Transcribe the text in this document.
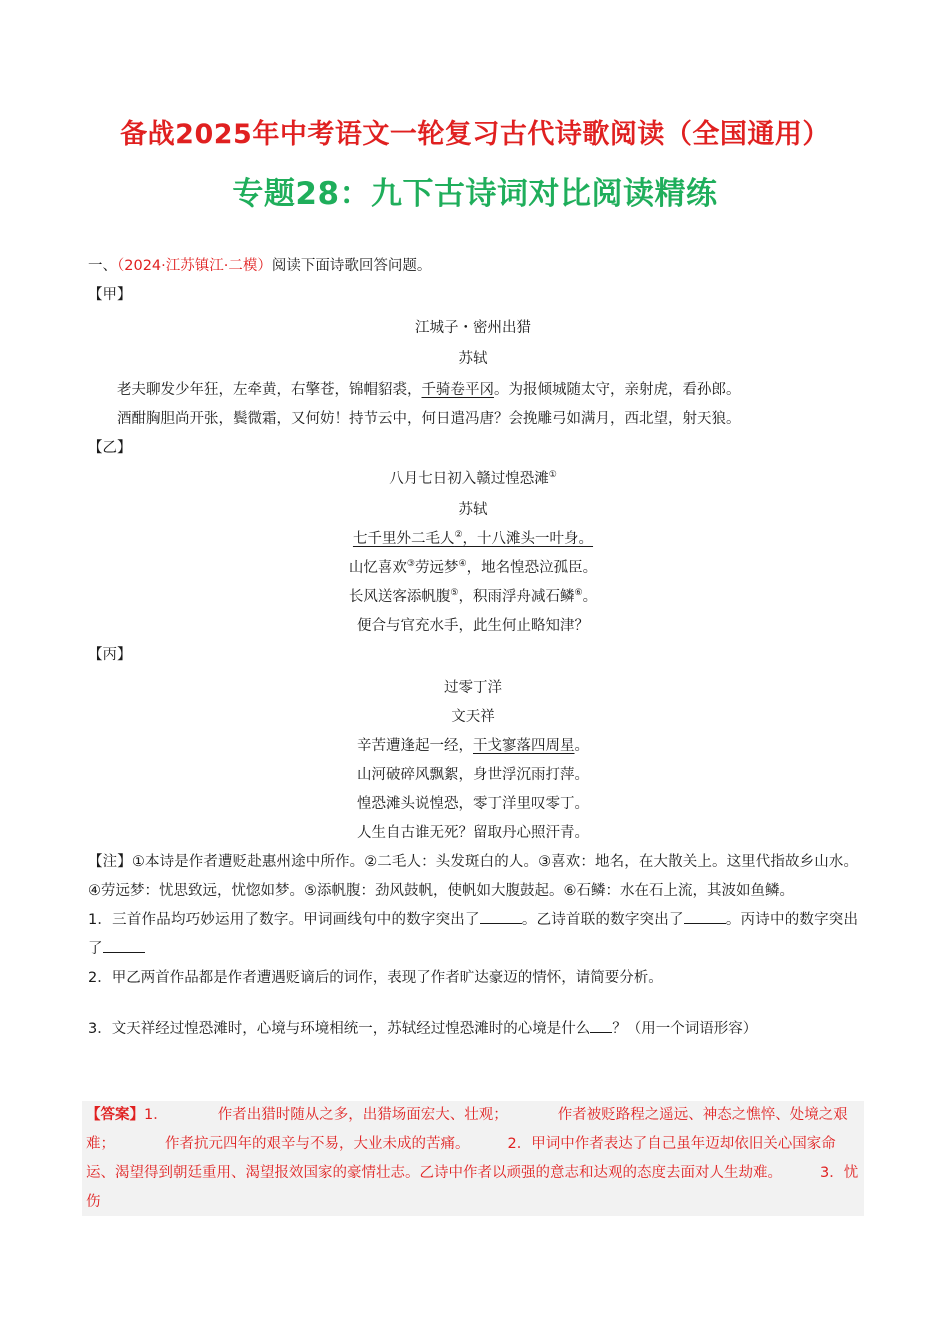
备战2025年中考语文一轮复习古代诗歌阅读（全国通用）
专题28：九下古诗词对比阅读精练
一、（2024·江苏镇江·二模）阅读下面诗歌回答问题。
【甲】
江城子・密州出猎
苏轼
老夫聊发少年狂，左牵黄，右擎苍，锦帽貂裘，千骑卷平冈。为报倾城随太守，亲射虎，看孙郎。
酒酣胸胆尚开张，鬓微霜，又何妨！持节云中，何日遣冯唐？会挽雕弓如满月，西北望，射天狼。
【乙】
八月七日初入赣过惶恐滩①
苏轼
七千里外二毛人②，十八滩头一叶身。
山忆喜欢③劳远梦④，地名惶恐泣孤臣。
长风送客添帆腹⑤，积雨浮舟减石鳞⑥。
便合与官充水手，此生何止略知津？
【丙】
过零丁洋
文天祥
辛苦遭逢起一经，干戈寥落四周星。
山河破碎风飘絮，身世浮沉雨打萍。
惶恐滩头说惶恐，零丁洋里叹零丁。
人生自古谁无死？留取丹心照汗青。
【注】①本诗是作者遭贬赴惠州途中所作。②二毛人：头发斑白的人。③喜欢：地名，在大散关上。这里代指故乡山水。④劳远梦：忧思致远，忧惚如梦。⑤添帆腹：劲风鼓帆，使帆如大腹鼓起。⑥石鳞：水在石上流，其波如鱼鳞。
1．三首作品均巧妙运用了数字。甲词画线句中的数字突出了	。乙诗首联的数字突出了	。丙诗中的数字突出了
2．甲乙两首作品都是作者遭遇贬谪后的词作，表现了作者旷达豪迈的情怀，请简要分析。
3．文天祥经过惶恐滩时，心境与环境相统一，苏轼经过惶恐滩时的心境是什么 ？（用一个词语形容）
【答案】1．	作者出猎时随从之多，出猎场面宏大、壮观；	作者被贬路程之遥远、神态之憔悴、处境之艰难；	作者抗元四年的艰辛与不易，大业未成的苦痛。	2．甲词中作者表达了自己虽年迈却依旧关心国家命运、渴望得到朝廷重用、渴望报效国家的豪情壮志。乙诗中作者以顽强的意志和达观的态度去面对人生劫难。	3．忧伤
